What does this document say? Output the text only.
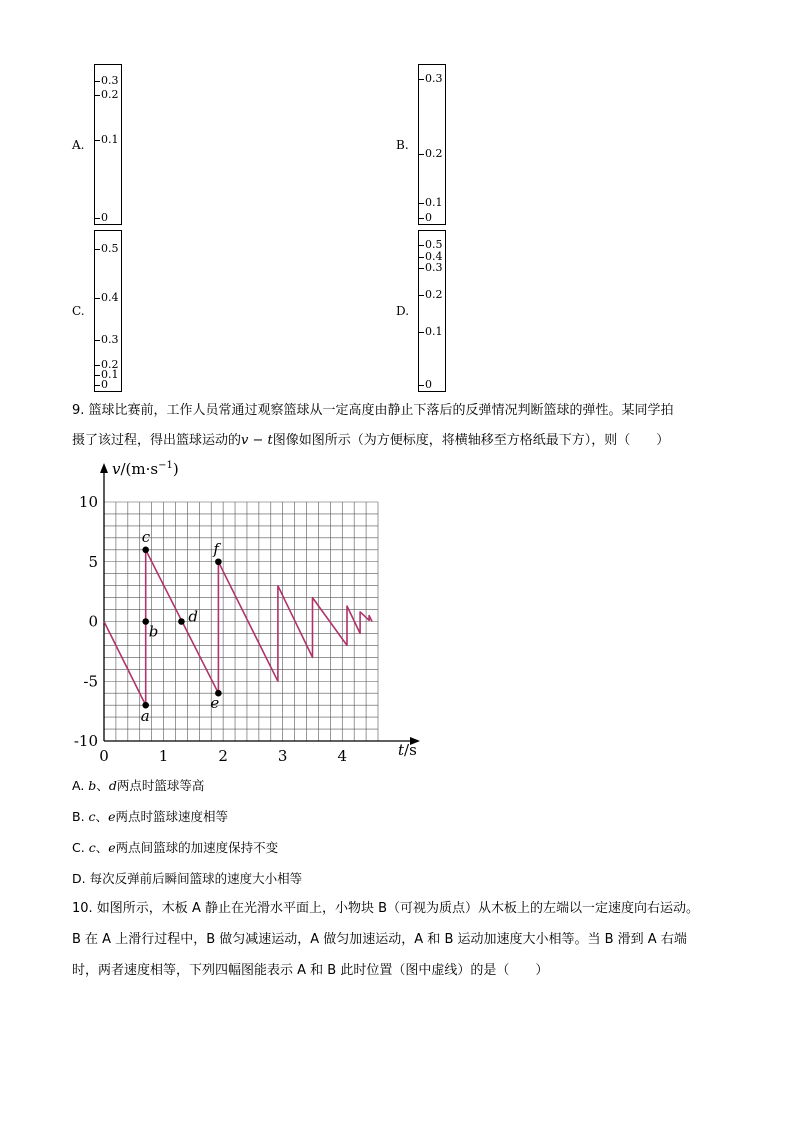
A.
0.3
0.2
0.1
0
B.
0.3
0.2
0.1
0
C.
0.5
0.4
0.3
0.2
0.1
0
D.
0.5
0.4
0.3
0.2
0.1
0
9. 篮球比赛前，工作人员常通过观察篮球从一定高度由静止下落后的反弹情况判断篮球的弹性。某同学拍
摄了该过程，得出篮球运动的v − t图像如图所示（为方便标度，将横轴移至方格纸最下方），则（　　）
10
5
0
-5
-10
0	1	2	3	4
a
b
c
d
e
f
$v/(m\cdot s^{-1})$
t/s
A. b、d两点时篮球等高
B. c、e两点时篮球速度相等
C. c、e两点间篮球的加速度保持不变
D. 每次反弹前后瞬间篮球的速度大小相等
10. 如图所示，木板 A 静止在光滑水平面上，小物块 B（可视为质点）从木板上的左端以一定速度向右运动。
B 在 A 上滑行过程中，B 做匀减速运动，A 做匀加速运动，A 和 B 运动加速度大小相等。当 B 滑到 A 右端
时，两者速度相等，下列四幅图能表示 A 和 B 此时位置（图中虚线）的是（　　）
